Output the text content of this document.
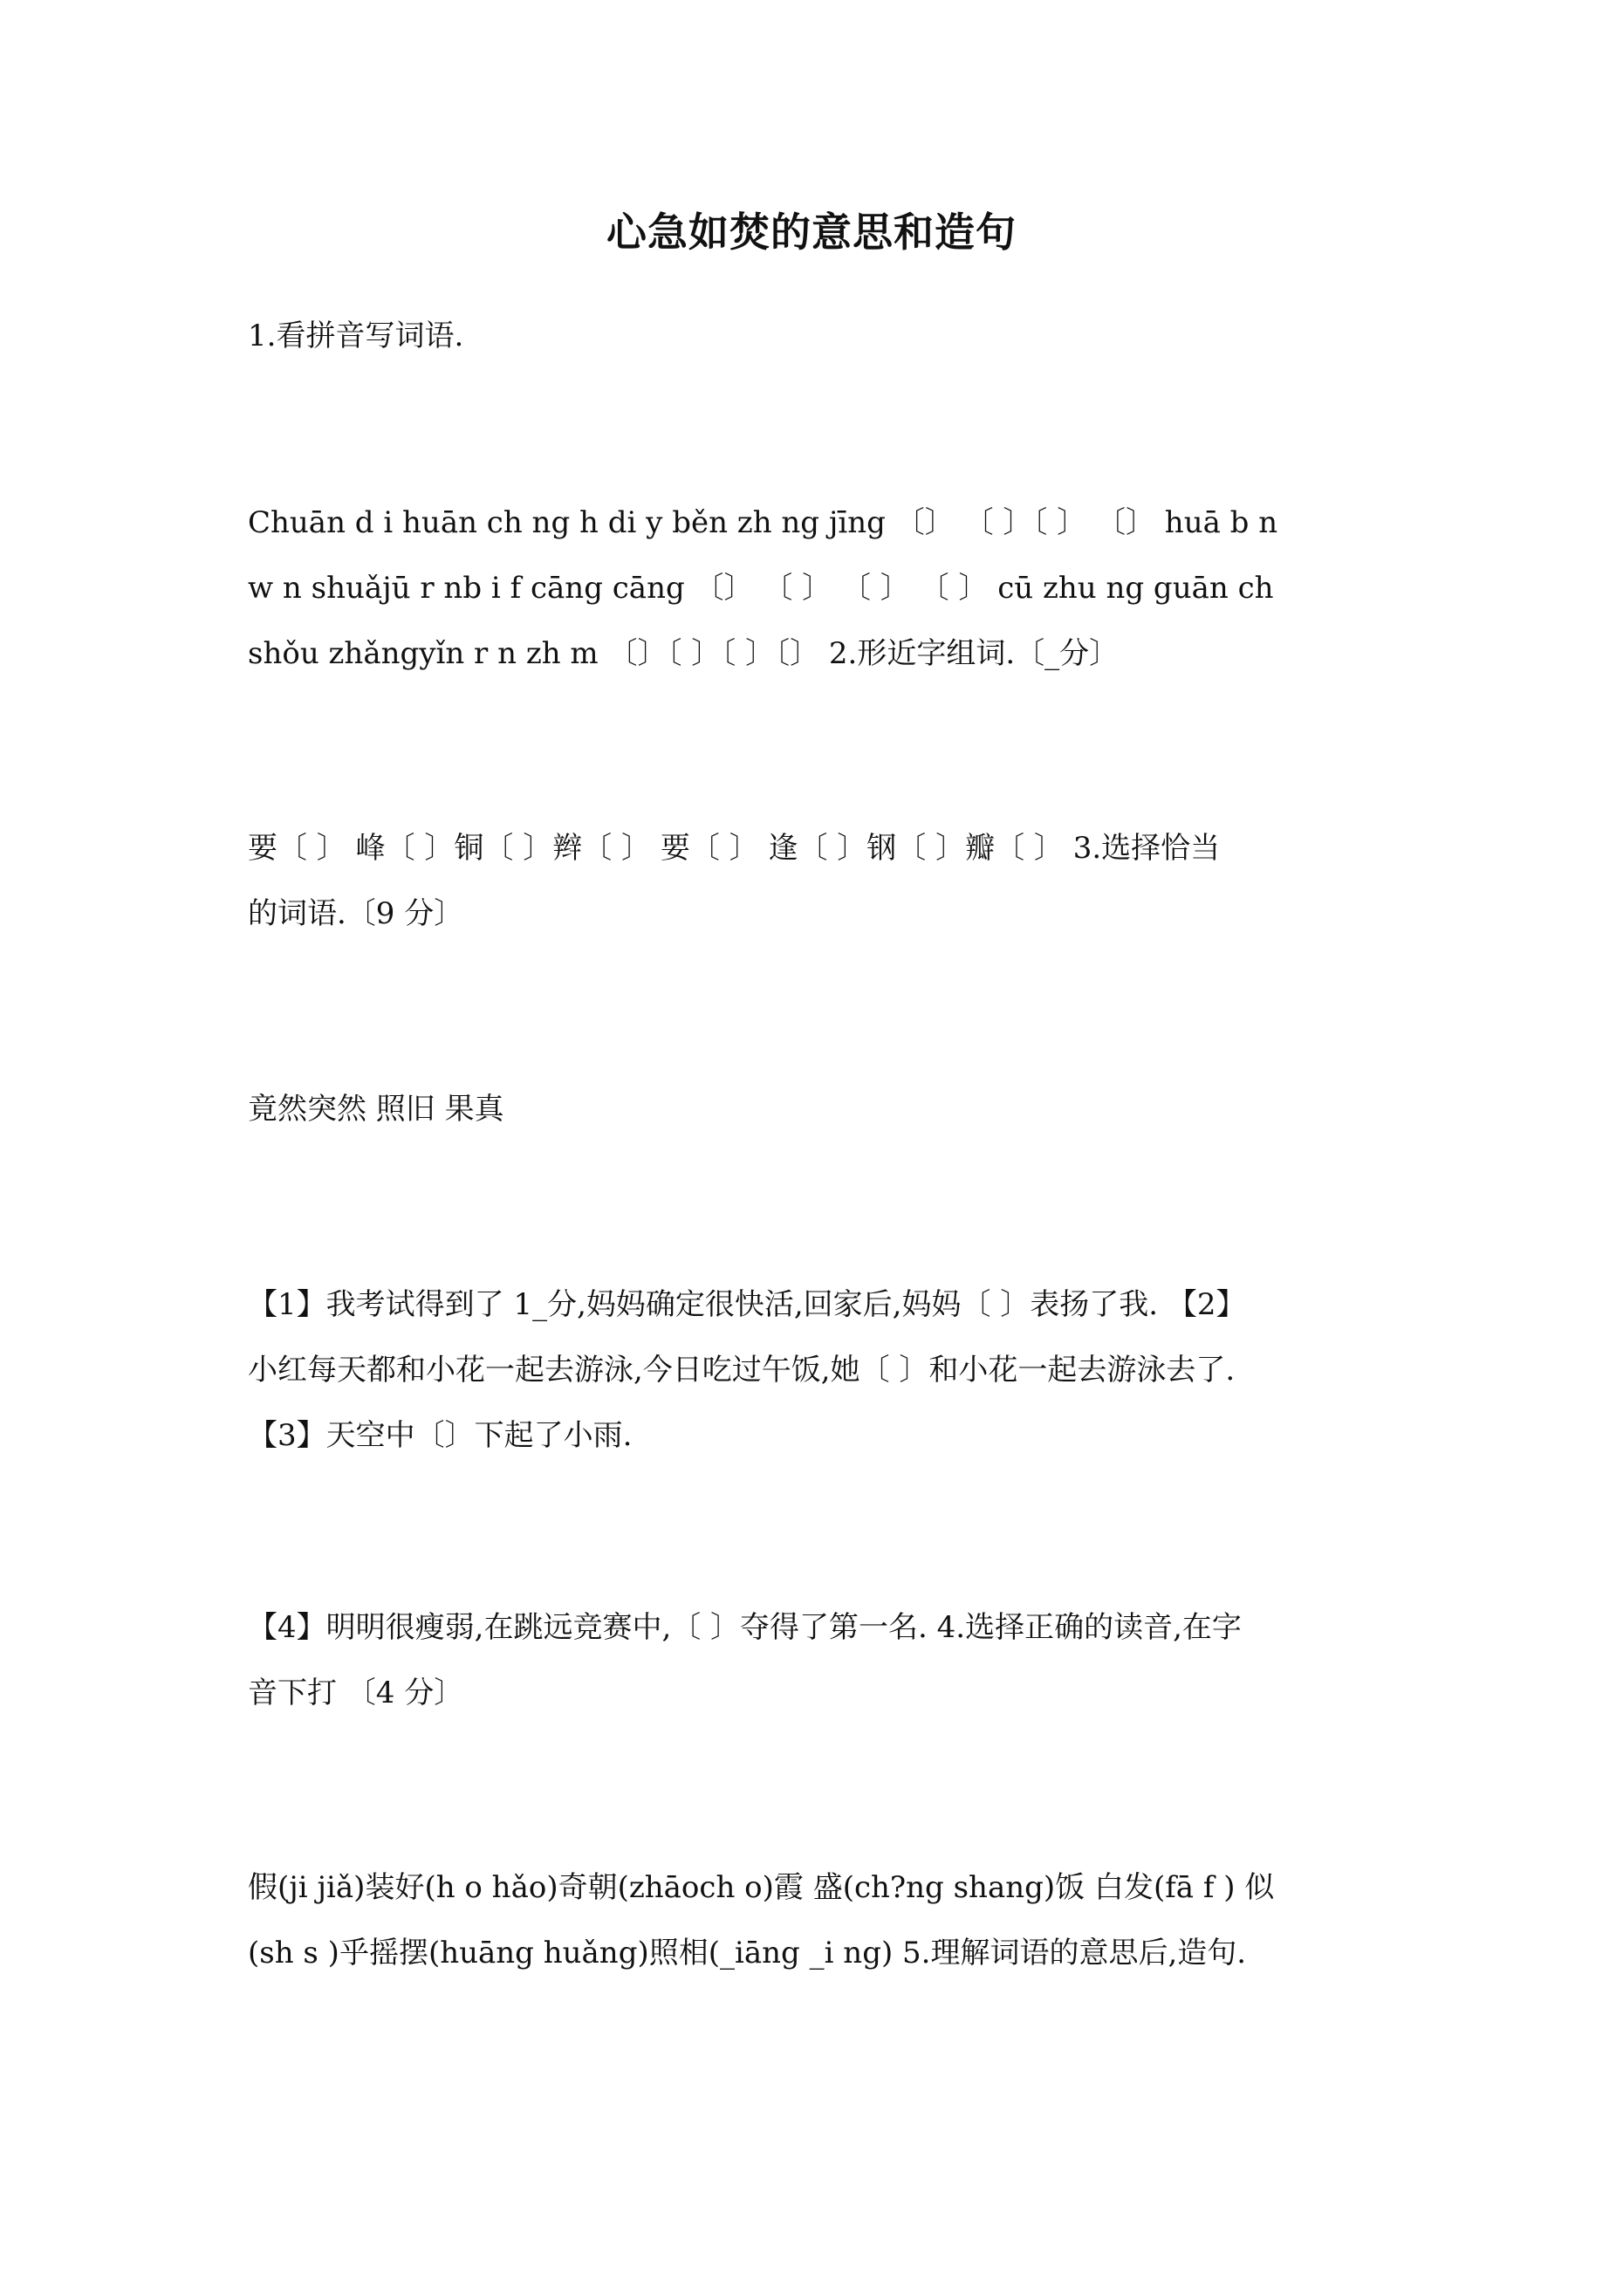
心急如焚的意思和造句
1.看拼音写词语.
Chuān d i huān ch ng h di y běn zh ng jīng 〔〕 〔 〕〔 〕 〔〕 huā b n
w n shuǎjū r nb i f cāng cāng 〔〕 〔 〕 〔 〕 〔 〕 cū zhu ng guān ch
shǒu zhǎngyǐn r n zh m 〔〕〔 〕〔 〕〔〕 2.形近字组词.〔_分〕
要〔 〕 峰〔 〕铜〔 〕辫〔 〕 要〔 〕 逢〔 〕钢〔 〕瓣〔 〕 3.选择恰当
的词语.〔9 分〕
竟然突然 照旧 果真
【1】我考试得到了 1_分,妈妈确定很快活,回家后,妈妈〔 〕表扬了我. 【2】
小红每天都和小花一起去游泳,今日吃过午饭,她〔 〕和小花一起去游泳去了.
【3】天空中〔〕下起了小雨.
【4】明明很瘦弱,在跳远竞赛中,〔 〕夺得了第一名. 4.选择正确的读音,在字
音下打 〔4 分〕
假(ji jiǎ)装好(h o hǎo)奇朝(zhāoch o)霞 盛(ch?ng shang)饭 白发(fā f ) 似
(sh s )乎摇摆(huāng huǎng)照相(_iāng _i ng) 5.理解词语的意思后,造句.
